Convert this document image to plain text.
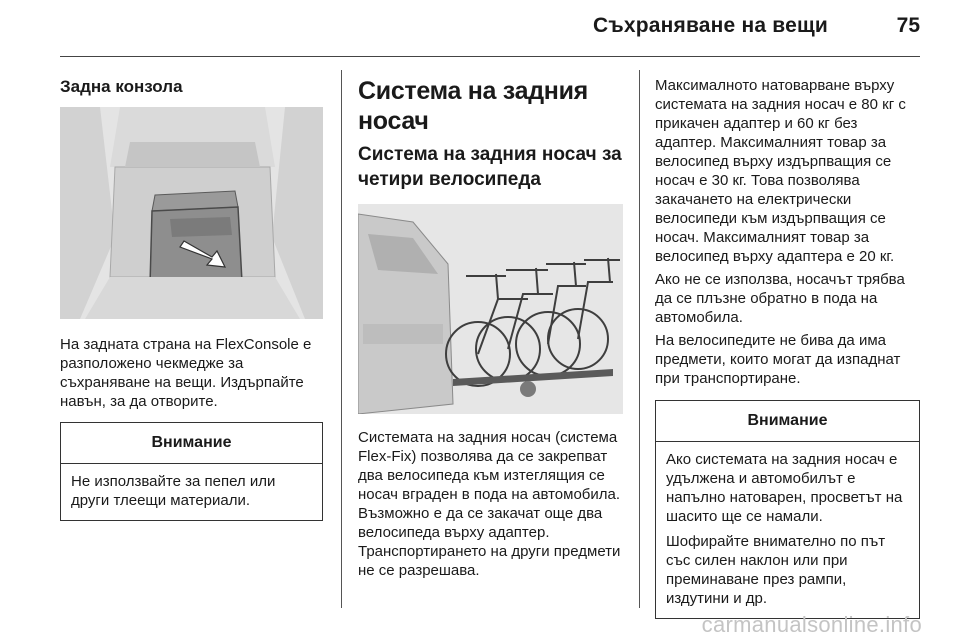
Съхраняване на вещи	75
Задна конзола

На задната страна на FlexConsole е разположено чекмедже за съхраняване на вещи. Издърпайте навън, за да отворите.

Внимание

Не използвайте за пепел или други тлеещи материали.

Система на задния носач
Система на задния носач за четири велосипеда

Системата на задния носач (система Flex-Fix) позволява да се закрепват два велосипеда към изтеглящия се носач вграден в пода на автомобила. Възможно е да се закачат още два велосипеда върху адаптер. Транспортирането на други предмети не се разрешава.

Максималното натоварване върху системата на задния носач е 80 кг с прикачен адаптер и 60 кг без адаптер. Максималният товар за велосипед върху издърпващия се носач е 30 кг. Това позволява закачането на електрически велосипеди към издърпващия се носач. Максималният товар за велосипед върху адаптера е 20 кг.

Ако не се използва, носачът трябва да се плъзне обратно в пода на автомобила.

На велосипедите не бива да има предмети, които могат да изпаднат при транспортиране.

Внимание

Ако системата на задния носач е удължена и автомобилът е напълно натоварен, просветът на шасито ще се намали.

Шофирайте внимателно по път със силен наклон или при преминаване през рампи, издутини и др.

carmanualsonline.info
